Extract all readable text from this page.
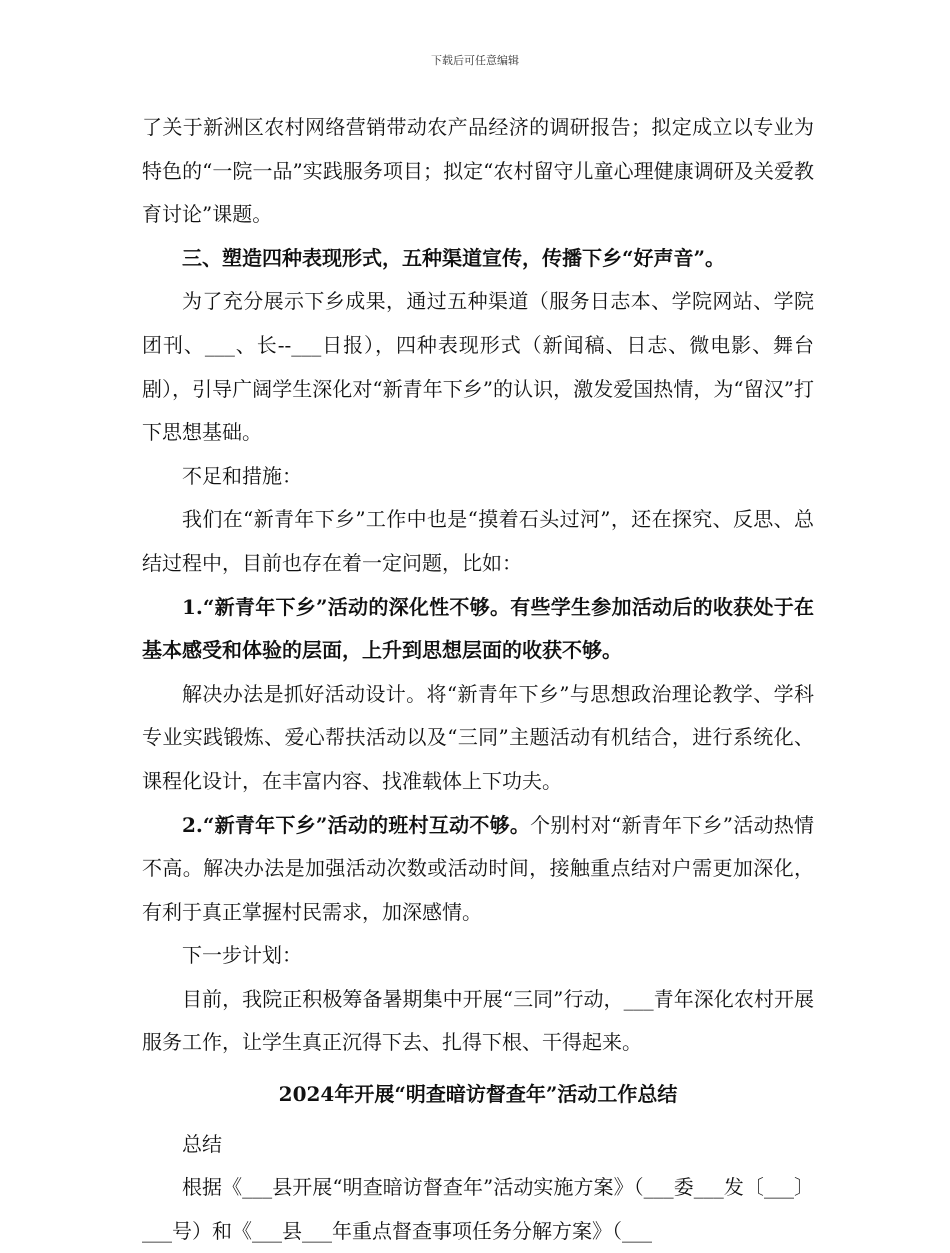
下载后可任意编辑

了关于新洲区农村网络营销带动农产品经济的调研报告；拟定成立以专业为特色的“一院一品”实践服务项目；拟定“农村留守儿童心理健康调研及关爱教育讨论”课题。

三、塑造四种表现形式，五种渠道宣传，传播下乡“好声音”。

为了充分展示下乡成果，通过五种渠道（服务日志本、学院网站、学院团刊、___、长--___日报），四种表现形式（新闻稿、日志、微电影、舞台剧），引导广阔学生深化对“新青年下乡”的认识，激发爱国热情，为“留汉”打下思想基础。

不足和措施：

我们在“新青年下乡”工作中也是“摸着石头过河”，还在探究、反思、总结过程中，目前也存在着一定问题，比如：

1.“新青年下乡”活动的深化性不够。有些学生参加活动后的收获处于在基本感受和体验的层面，上升到思想层面的收获不够。

解决办法是抓好活动设计。将“新青年下乡”与思想政治理论教学、学科专业实践锻炼、爱心帮扶活动以及“三同”主题活动有机结合，进行系统化、课程化设计，在丰富内容、找准载体上下功夫。

2.“新青年下乡”活动的班村互动不够。个别村对“新青年下乡”活动热情不高。解决办法是加强活动次数或活动时间，接触重点结对户需更加深化，有利于真正掌握村民需求，加深感情。

下一步计划：

目前，我院正积极筹备暑期集中开展“三同”行动，___青年深化农村开展服务工作，让学生真正沉得下去、扎得下根、干得起来。

2024年开展“明查暗访督查年”活动工作总结

总结

根据《___县开展“明查暗访督查年”活动实施方案》（___委___发〔___〕___号）和《___县___年重点督查事项任务分解方案》（___
